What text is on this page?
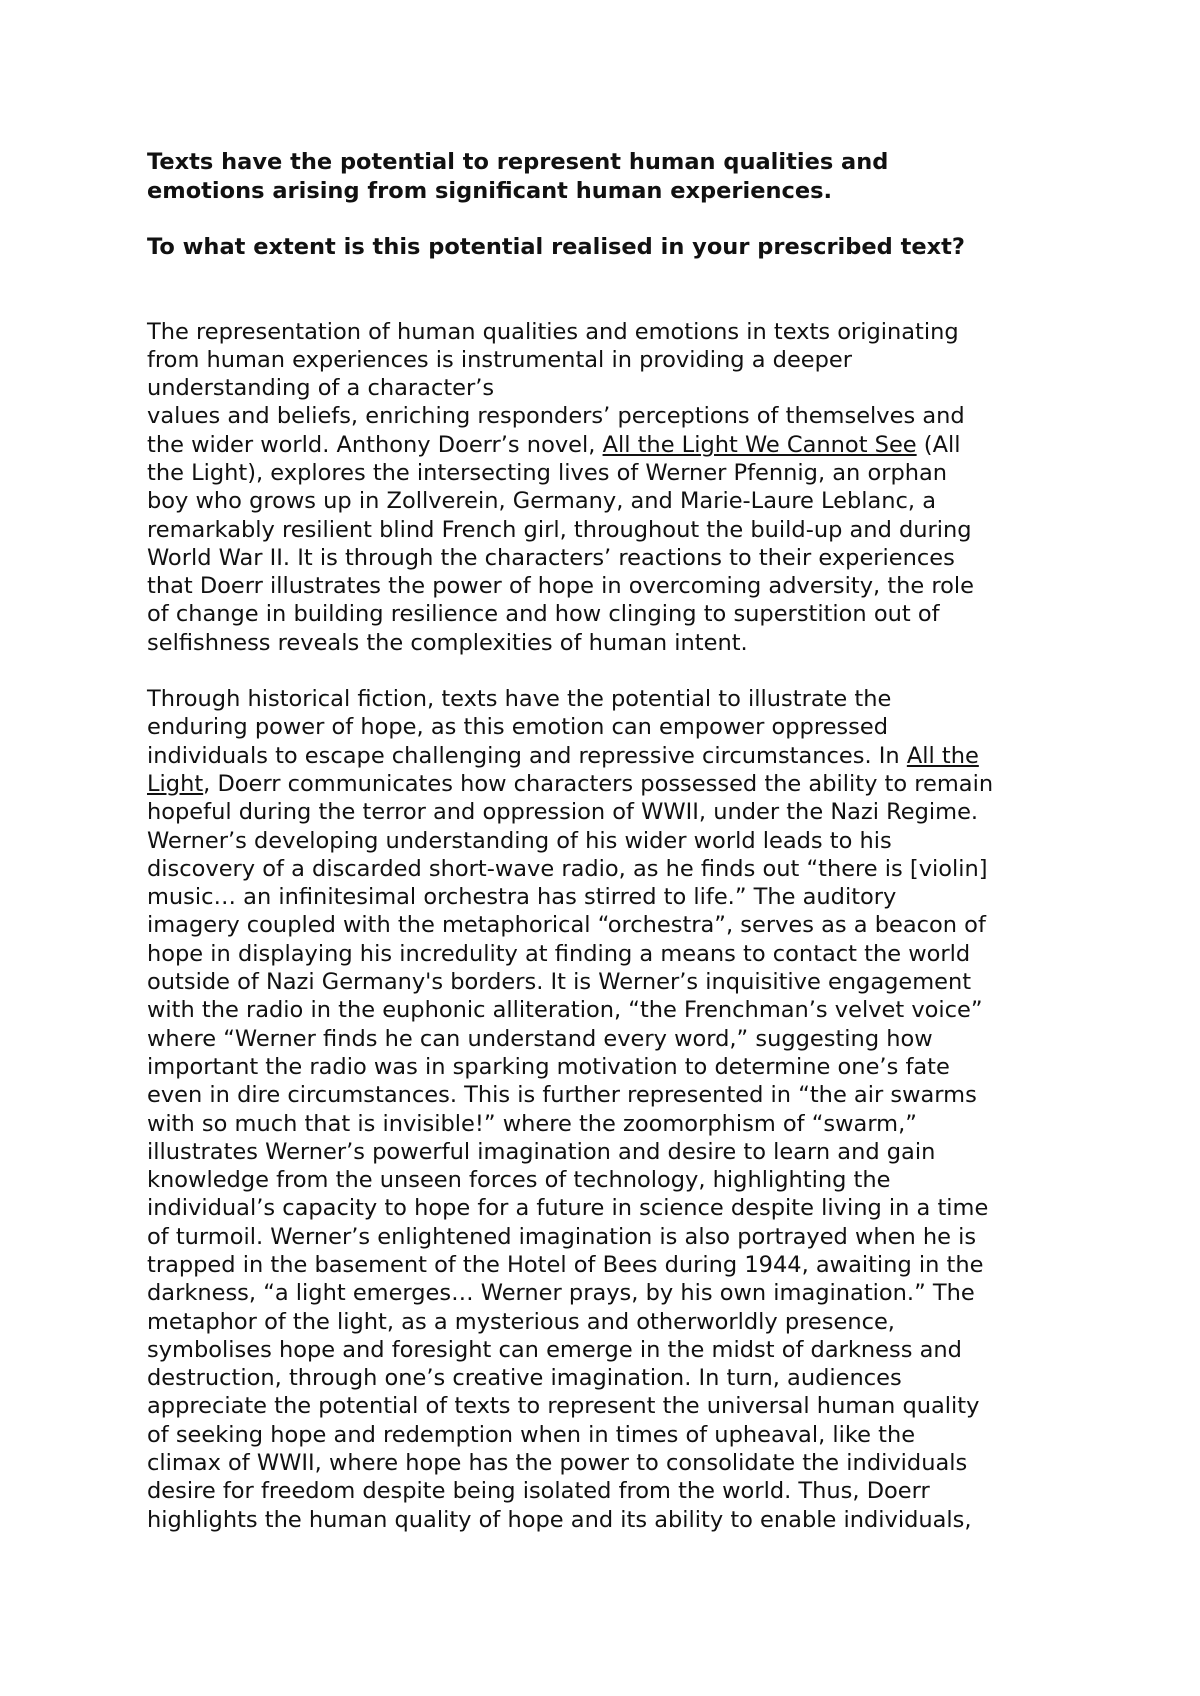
Texts have the potential to represent human qualities and
emotions arising from significant human experiences.
To what extent is this potential realised in your prescribed text?

The representation of human qualities and emotions in texts originating
from human experiences is instrumental in providing a deeper
understanding of a character’s
values and beliefs, enriching responders’ perceptions of themselves and
the wider world. Anthony Doerr’s novel, All the Light We Cannot See (All
the Light), explores the intersecting lives of Werner Pfennig, an orphan
boy who grows up in Zollverein, Germany, and Marie-Laure Leblanc, a
remarkably resilient blind French girl, throughout the build-up and during
World War II. It is through the characters’ reactions to their experiences
that Doerr illustrates the power of hope in overcoming adversity, the role
of change in building resilience and how clinging to superstition out of
selfishness reveals the complexities of human intent.

Through historical fiction, texts have the potential to illustrate the
enduring power of hope, as this emotion can empower oppressed
individuals to escape challenging and repressive circumstances. In All the
Light, Doerr communicates how characters possessed the ability to remain
hopeful during the terror and oppression of WWII, under the Nazi Regime.
Werner’s developing understanding of his wider world leads to his
discovery of a discarded short-wave radio, as he finds out “there is [violin]
music… an infinitesimal orchestra has stirred to life.” The auditory
imagery coupled with the metaphorical “orchestra”, serves as a beacon of
hope in displaying his incredulity at finding a means to contact the world
outside of Nazi Germany's borders. It is Werner’s inquisitive engagement
with the radio in the euphonic alliteration, “the Frenchman’s velvet voice”
where “Werner finds he can understand every word,” suggesting how
important the radio was in sparking motivation to determine one’s fate
even in dire circumstances. This is further represented in “the air swarms
with so much that is invisible!” where the zoomorphism of “swarm,”
illustrates Werner’s powerful imagination and desire to learn and gain
knowledge from the unseen forces of technology, highlighting the
individual’s capacity to hope for a future in science despite living in a time
of turmoil. Werner’s enlightened imagination is also portrayed when he is
trapped in the basement of the Hotel of Bees during 1944, awaiting in the
darkness, “a light emerges… Werner prays, by his own imagination.” The
metaphor of the light, as a mysterious and otherworldly presence,
symbolises hope and foresight can emerge in the midst of darkness and
destruction, through one’s creative imagination. In turn, audiences
appreciate the potential of texts to represent the universal human quality
of seeking hope and redemption when in times of upheaval, like the
climax of WWII, where hope has the power to consolidate the individuals
desire for freedom despite being isolated from the world. Thus, Doerr
highlights the human quality of hope and its ability to enable individuals,
